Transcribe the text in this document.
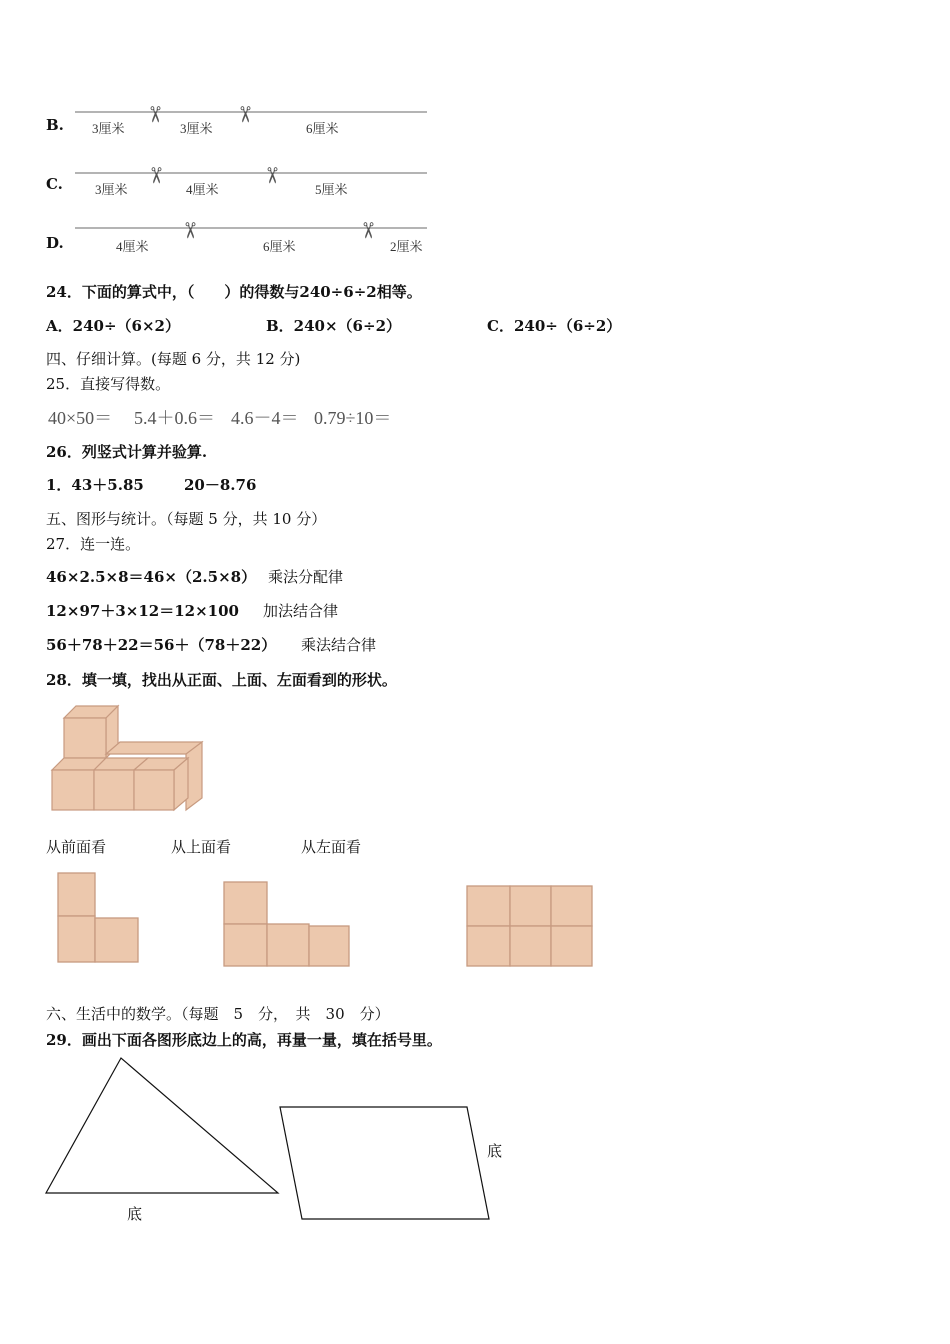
B.
✂	✂
✂	✂
✂	✂
3厘米	3厘米	6厘米
C. 3厘米	4厘米	5厘米
D.	4厘米	6厘米	2厘米
24．下面的算式中，（　　）的得数与240÷6÷2相等。
A．240÷（6×2）	B．240×（6÷2）	C．240÷（6÷2）
四、仔细计算。(每题 6 分，共 12 分)
25．直接写得数。
40×50＝ 5.4＋0.6＝ 4.6－4＝ 0.79÷10＝
26．列竖式计算并验算.
1．43＋5.85	20－8.76
五、图形与统计。（每题 5 分，共 10 分）
27．连一连。
46×2.5×8＝46×（2.5×8） 乘法分配律
12×97＋3×12＝12×100 加法结合律
56＋78＋22＝56＋（78＋22） 乘法结合律
28．填一填，找出从正面、上面、左面看到的形状。
从前面看	从上面看	从左面看
六、生活中的数学。（每题　5　分，　共　30　分）
29．画出下面各图形底边上的高，再量一量，填在括号里。
底
底
